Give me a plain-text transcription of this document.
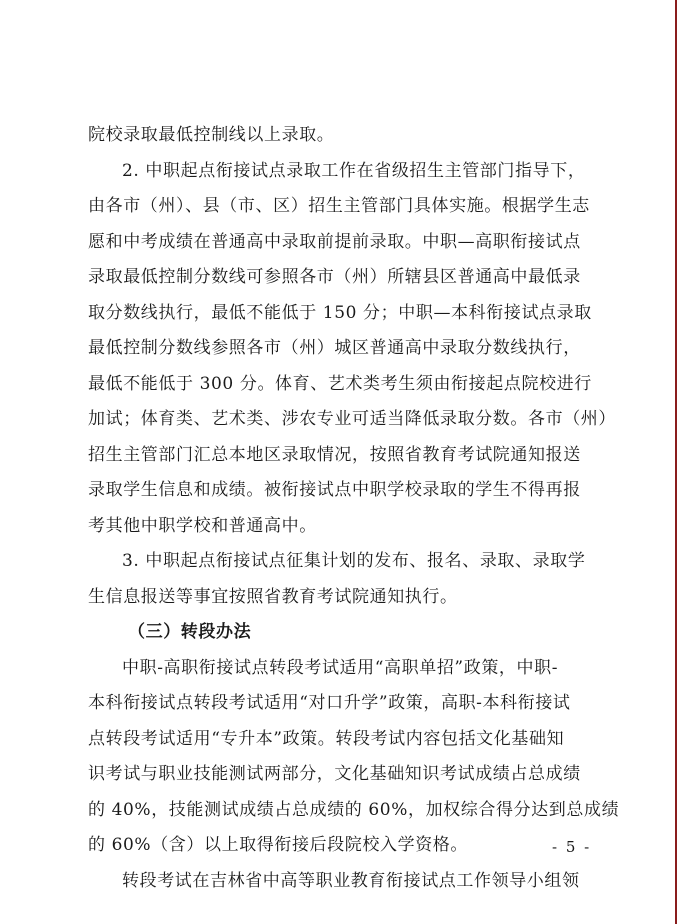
院校录取最低控制线以上录取。
2. 中职起点衔接试点录取工作在省级招生主管部门指导下，
由各市（州）、县（市、区）招生主管部门具体实施。根据学生志
愿和中考成绩在普通高中录取前提前录取。中职—高职衔接试点
录取最低控制分数线可参照各市（州）所辖县区普通高中最低录
取分数线执行，最低不能低于 150 分；中职—本科衔接试点录取
最低控制分数线参照各市（州）城区普通高中录取分数线执行，
最低不能低于 300 分。体育、艺术类考生须由衔接起点院校进行
加试；体育类、艺术类、涉农专业可适当降低录取分数。各市（州）
招生主管部门汇总本地区录取情况，按照省教育考试院通知报送
录取学生信息和成绩。被衔接试点中职学校录取的学生不得再报
考其他中职学校和普通高中。
3. 中职起点衔接试点征集计划的发布、报名、录取、录取学
生信息报送等事宜按照省教育考试院通知执行。
（三）转段办法
中职-高职衔接试点转段考试适用“高职单招”政策，中职-
本科衔接试点转段考试适用“对口升学”政策，高职-本科衔接试
点转段考试适用“专升本”政策。转段考试内容包括文化基础知
识考试与职业技能测试两部分，文化基础知识考试成绩占总成绩
的 40%，技能测试成绩占总成绩的 60%，加权综合得分达到总成绩
的 60%（含）以上取得衔接后段院校入学资格。
转段考试在吉林省中高等职业教育衔接试点工作领导小组领
- 5 -
